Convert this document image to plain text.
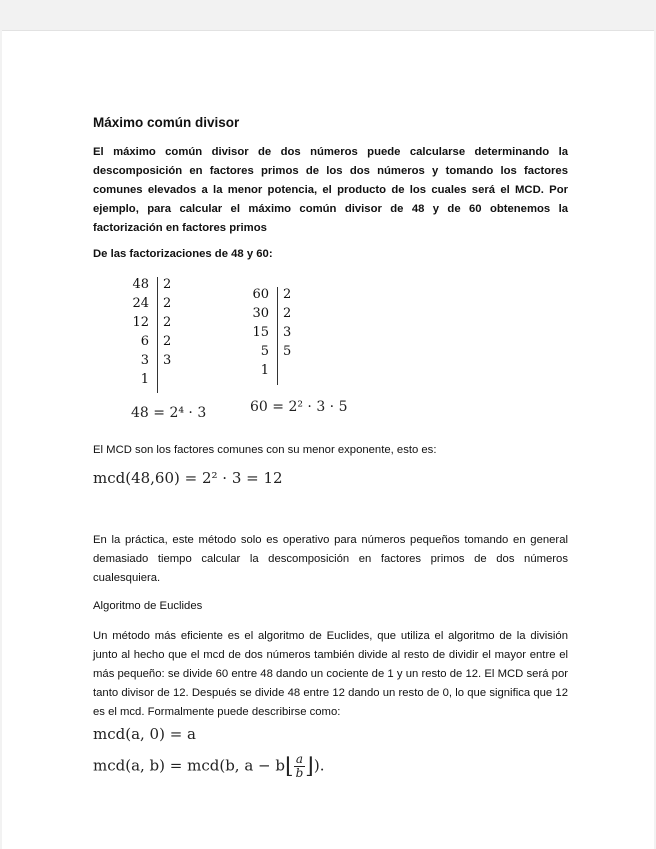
Máximo común divisor
El máximo común divisor de dos números puede calcularse determinando la descomposición en factores primos de los dos números y tomando los factores comunes elevados a la menor potencia, el producto de los cuales será el MCD. Por ejemplo, para calcular el máximo común divisor de 48 y de 60 obtenemos la factorización en factores primos
De las factorizaciones de 48 y 60:
48 2
24 2
12 2
6 2
3 3
1
60 2
30 2
15 3
5 5
1
48 = 2⁴ · 3	60 = 2² · 3 · 5
El MCD son los factores comunes con su menor exponente, esto es:
mcd(48,60) = 2² · 3 = 12
En la práctica, este método solo es operativo para números pequeños tomando en general demasiado tiempo calcular la descomposición en factores primos de dos números cualesquiera.
Algoritmo de Euclides
Un método más eficiente es el algoritmo de Euclides, que utiliza el algoritmo de la división junto al hecho que el mcd de dos números también divide al resto de dividir el mayor entre el más pequeño: se divide 60 entre 48 dando un cociente de 1 y un resto de 12. El MCD será por tanto divisor de 12. Después se divide 48 entre 12 dando un resto de 0, lo que significa que 12 es el mcd. Formalmente puede describirse como:
mcd(a, 0) = a
mcd(a, b) = mcd(b, a − b⌊ $\frac{a}{b}$ ⌋).
